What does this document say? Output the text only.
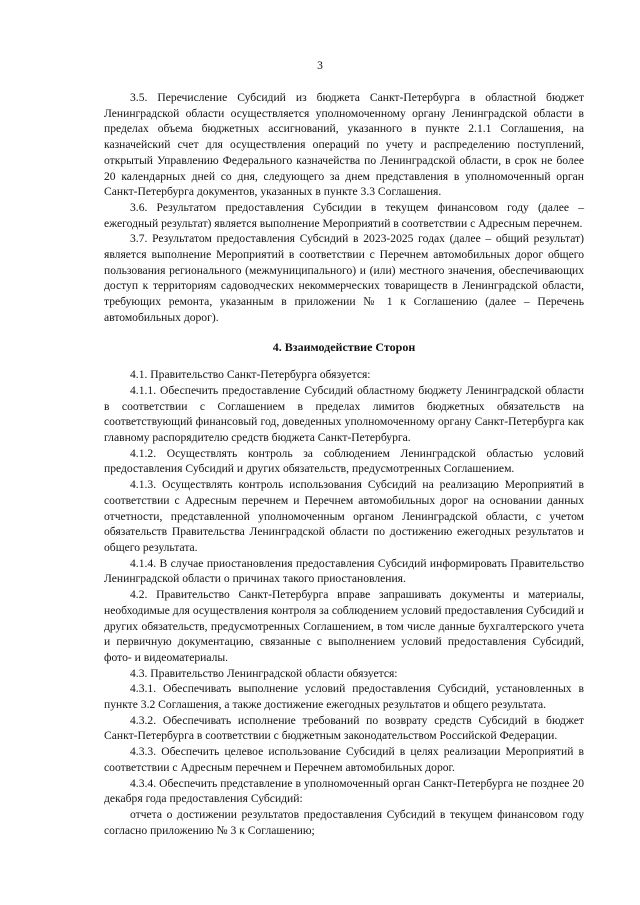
3

3.5. Перечисление Субсидий из бюджета Санкт-Петербурга в областной бюджет Ленинградской области осуществляется уполномоченному органу Ленинградской области в пределах объема бюджетных ассигнований, указанного в пункте 2.1.1 Соглашения, на казначейский счет для осуществления операций по учету и распределению поступлений, открытый Управлению Федерального казначейства по Ленинградской области, в срок не более 20 календарных дней со дня, следующего за днем представления в уполномоченный орган Санкт-Петербурга документов, указанных в пункте 3.3 Соглашения.

3.6. Результатом предоставления Субсидии в текущем финансовом году (далее – ежегодный результат) является выполнение Мероприятий в соответствии с Адресным перечнем.

3.7. Результатом предоставления Субсидий в 2023-2025 годах (далее – общий результат) является выполнение Мероприятий в соответствии с Перечнем автомобильных дорог общего пользования регионального (межмуниципального) и (или) местного значения, обеспечивающих доступ к территориям садоводческих некоммерческих товариществ в Ленинградской области, требующих ремонта, указанным в приложении № 1 к Соглашению (далее – Перечень автомобильных дорог).

4. Взаимодействие Сторон

4.1. Правительство Санкт-Петербурга обязуется:

4.1.1. Обеспечить предоставление Субсидий областному бюджету Ленинградской области в соответствии с Соглашением в пределах лимитов бюджетных обязательств на соответствующий финансовый год, доведенных уполномоченному органу Санкт-Петербурга как главному распорядителю средств бюджета Санкт-Петербурга.

4.1.2. Осуществлять контроль за соблюдением Ленинградской областью условий предоставления Субсидий и других обязательств, предусмотренных Соглашением.

4.1.3. Осуществлять контроль использования Субсидий на реализацию Мероприятий в соответствии с Адресным перечнем и Перечнем автомобильных дорог на основании данных отчетности, представленной уполномоченным органом Ленинградской области, с учетом обязательств Правительства Ленинградской области по достижению ежегодных результатов и общего результата.

4.1.4. В случае приостановления предоставления Субсидий информировать Правительство Ленинградской области о причинах такого приостановления.

4.2. Правительство Санкт-Петербурга вправе запрашивать документы и материалы, необходимые для осуществления контроля за соблюдением условий предоставления Субсидий и других обязательств, предусмотренных Соглашением, в том числе данные бухгалтерского учета и первичную документацию, связанные с выполнением условий предоставления Субсидий, фото- и видеоматериалы.

4.3. Правительство Ленинградской области обязуется:

4.3.1. Обеспечивать выполнение условий предоставления Субсидий, установленных в пункте 3.2 Соглашения, а также достижение ежегодных результатов и общего результата.

4.3.2. Обеспечивать исполнение требований по возврату средств Субсидий в бюджет Санкт-Петербурга в соответствии с бюджетным законодательством Российской Федерации.

4.3.3. Обеспечить целевое использование Субсидий в целях реализации Мероприятий в соответствии с Адресным перечнем и Перечнем автомобильных дорог.

4.3.4. Обеспечить представление в уполномоченный орган Санкт-Петербурга не позднее 20 декабря года предоставления Субсидий:

отчета о достижении результатов предоставления Субсидий в текущем финансовом году согласно приложению № 3 к Соглашению;
